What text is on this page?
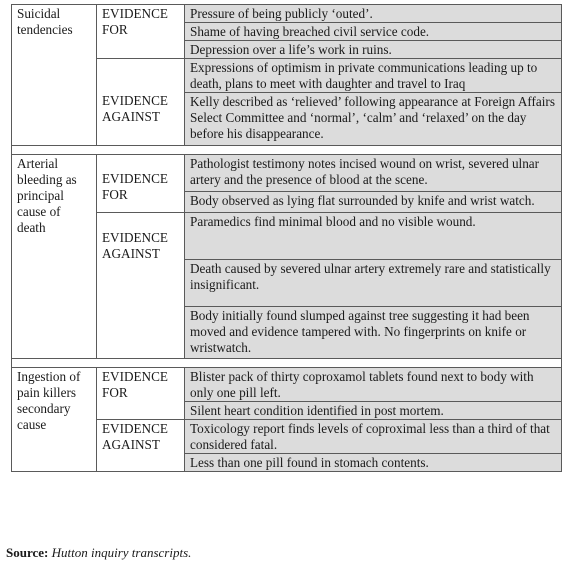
Suicidal tendencies	EVIDENCE FOR	Pressure of being publicly ‘outed’.
		Shame of having breached civil service code.
		Depression over a life’s work in ruins.
	EVIDENCE AGAINST	Expressions of optimism in private communications leading up to death, plans to meet with daughter and travel to Iraq
		Kelly described as ‘relieved’ following appearance at Foreign Affairs Select Committee and ‘normal’, ‘calm’ and ‘relaxed’ on the day before his disappearance.

Arterial bleeding as principal cause of death	EVIDENCE FOR	Pathologist testimony notes incised wound on wrist, severed ulnar artery and the presence of blood at the scene.
		Body observed as lying flat surrounded by knife and wrist watch.
	EVIDENCE AGAINST	Paramedics find minimal blood and no visible wound.
		Death caused by severed ulnar artery extremely rare and statistically insignificant.
		Body initially found slumped against tree suggesting it had been moved and evidence tampered with. No fingerprints on knife or wristwatch.

Ingestion of pain killers secondary cause	EVIDENCE FOR	Blister pack of thirty coproxamol tablets found next to body with only one pill left.
		Silent heart condition identified in post mortem.
	EVIDENCE AGAINST	Toxicology report finds levels of coproximal less than a third of that considered fatal.
		Less than one pill found in stomach contents.
Source: Hutton inquiry transcripts.
